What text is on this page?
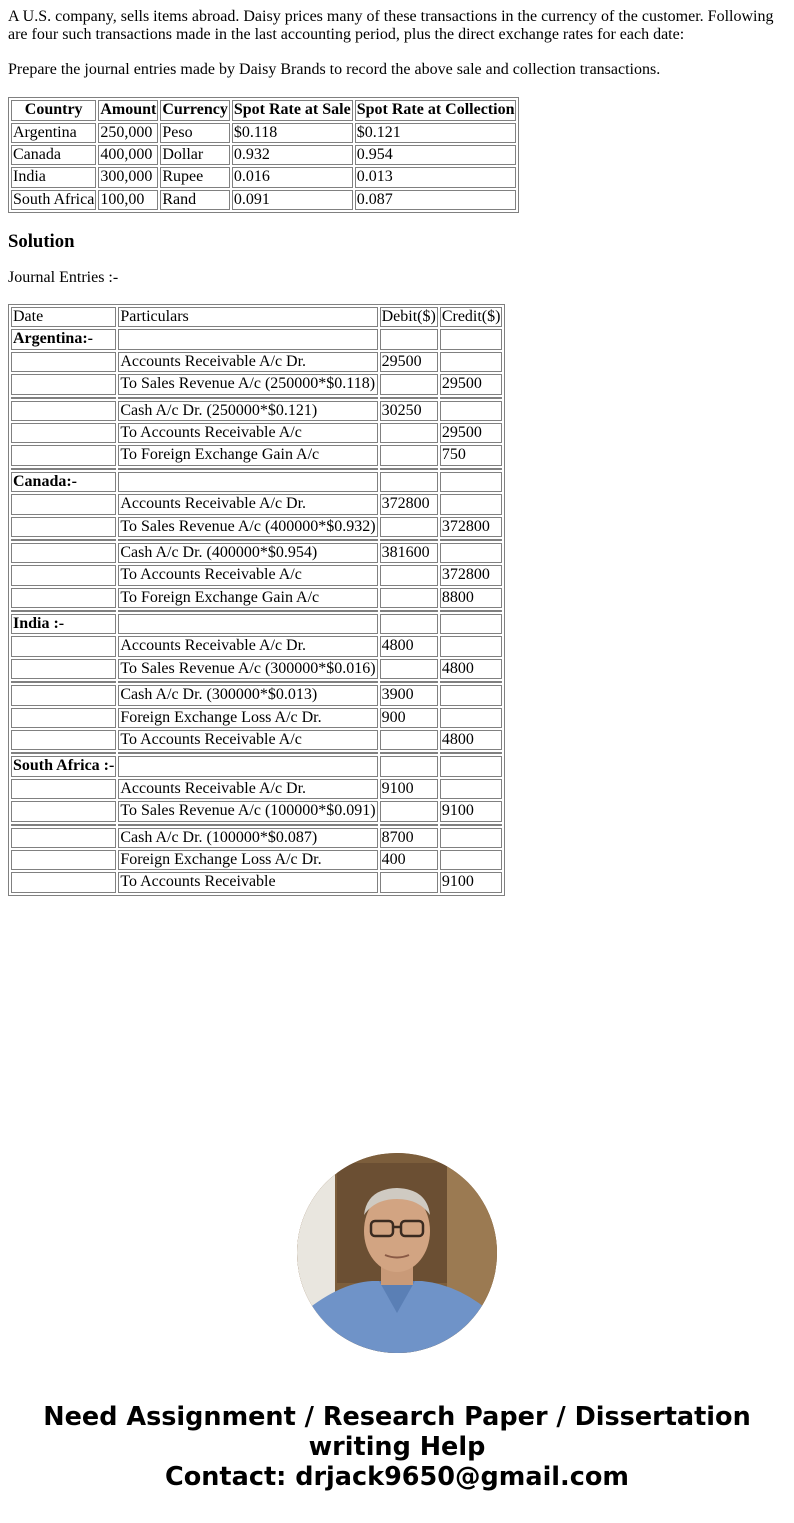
A U.S. company, sells items abroad. Daisy prices many of these transactions in the currency of the customer. Following are four such transactions made in the last accounting period, plus the direct exchange rates for each date:

Prepare the journal entries made by Daisy Brands to record the above sale and collection transactions.

Country	Amount	Currency	Spot Rate at Sale	Spot Rate at Collection
Argentina	250,000	Peso	$0.118	$0.121
Canada	400,000	Dollar	0.932	0.954
India	300,000	Rupee	0.016	0.013
South Africa	100,00	Rand	0.091	0.087
Solution

Journal Entries :-

Date	Particulars	Debit($)	Credit($)
Argentina:-			
	Accounts Receivable A/c Dr.	29500	
	To Sales Revenue A/c (250000*$0.118)		29500

	Cash A/c Dr. (250000*$0.121)	30250	
	To Accounts Receivable A/c		29500
	To Foreign Exchange Gain A/c		750

Canada:-			
	Accounts Receivable A/c Dr.	372800	
	To Sales Revenue A/c (400000*$0.932)		372800

	Cash A/c Dr. (400000*$0.954)	381600	
	To Accounts Receivable A/c		372800
	To Foreign Exchange Gain A/c		8800

India :-			
	Accounts Receivable A/c Dr.	4800	
	To Sales Revenue A/c (300000*$0.016)		4800

	Cash A/c Dr. (300000*$0.013)	3900	
	Foreign Exchange Loss A/c Dr.	900	
	To Accounts Receivable A/c		4800

South Africa :-			
	Accounts Receivable A/c Dr.	9100	
	To Sales Revenue A/c (100000*$0.091)		9100

	Cash A/c Dr. (100000*$0.087)	8700	
	Foreign Exchange Loss A/c Dr.	400	
	To Accounts Receivable		9100
Need Assignment / Research Paper / Dissertation
writing Help
Contact: drjack9650@gmail.com
